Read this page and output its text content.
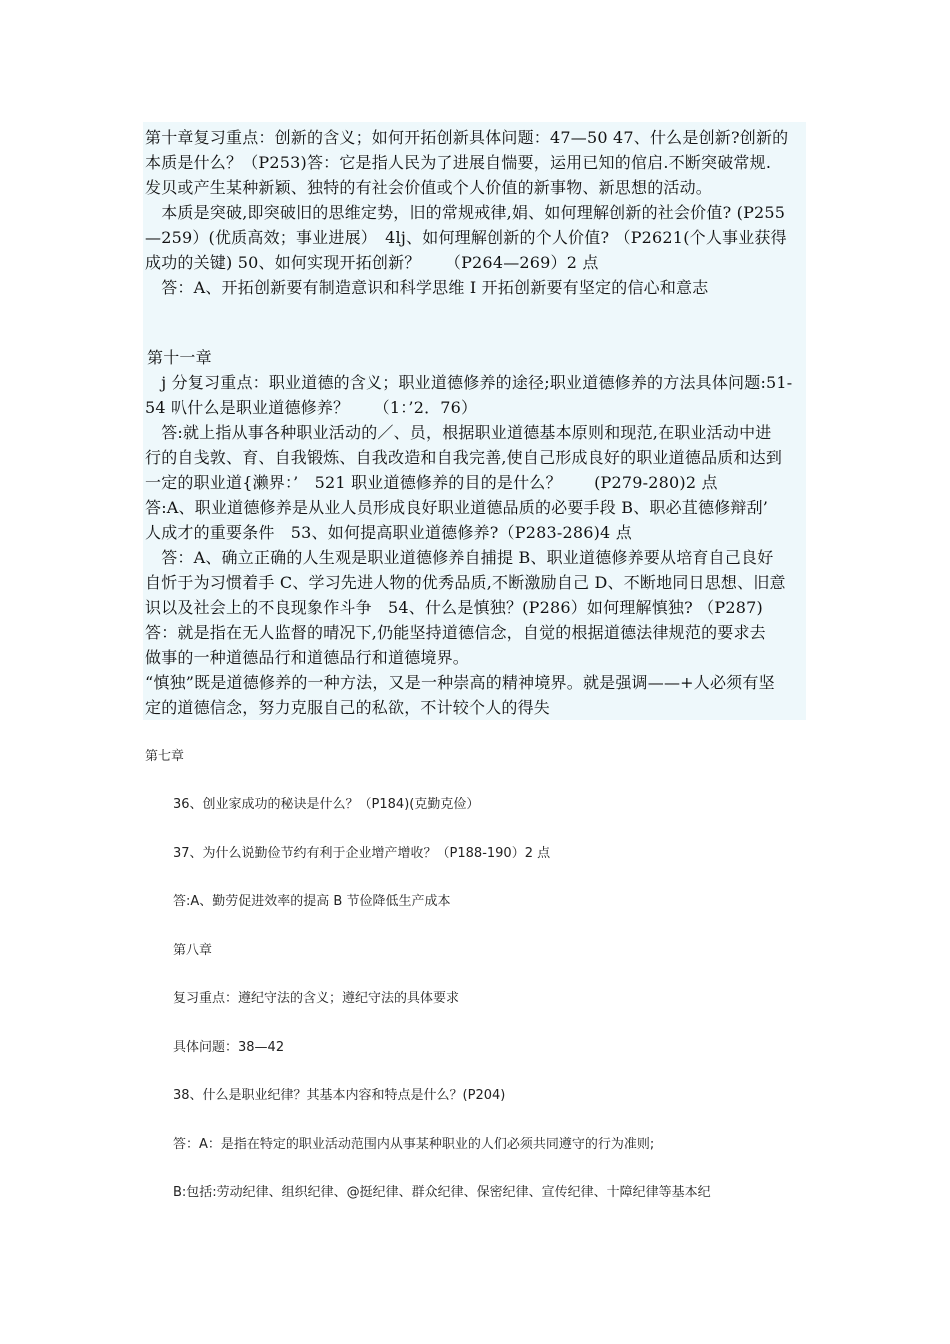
第十章复习重点：创新的含义；如何开拓创新具体问题：47—50 47、什么是创新?创新的
本质是什么？（P253)答：它是指人民为了进展自惴要，运用已知的倌启.不断突破常规.
发贝或产生某种新颖、独特的有社会价值或个人价值的新事物、新思想的活动。
　本质是突破,即突破旧的思维定势，旧的常规戒律,娟、如何理解创新的社会价值? (P255
—259）(优质高效；事业进展）　4lj、如何理解创新的个人价值? （P2621(个人事业获得
成功的关键) 50、如何实现开拓创新？　　（P264—269）2 点
　答：A、开拓创新要有制造意识和科学思维 I 开拓创新要有坚定的信心和意志
第十一章
　j 分复习重点：职业道德的含义；职业道德修养的途径;职业道德修养的方法具体问题:51-
54 叭什么是职业道德修养？　　（1：’2．76）
　答:就上指从事各种职业活动的／、员，根据职业道德基本原则和现范,在职业活动中进
行的自戋敦、育、自我锻炼、自我改造和自我完善,使自己形成良好的职业道德品质和达到
一定的职业道{濑界：’　521 职业道德修养的目的是什么？　　(P279-280)2 点
答:A、职业道德修养是从业人员形成良好职业道德品质的必要手段 B、职必苴德修辩刮’
人成才的重要条件　53、如何提高职业道德修养?（P283-286)4 点
　答：A、确立正确的人生观是职业道德修养自捕提 B、职业道德修养要从培育自己良好
自忻于为习惯着手 C、学习先进人物的优秀品质,不断激励自己 D、不断地同日思想、旧意
识以及社会上的不良现象作斗争　54、什么是慎独？(P286）如何理解慎独? （P287)
答：就是指在无人监督的晴况下,仍能坚持道德信念，自觉的根据道德法律规范的要求去
做事的一种道德品行和道德品行和道德境界。
“慎独”既是道德修养的一种方法，又是一种崇高的精神境界。就是强调——+人必须有坚
定的道德信念，努力克服自己的私欲，不计较个人的得失
第七章
36、创业家成功的秘诀是什么？（P184)(克勤克俭）
37、为什么说勤俭节约有利于企业增产增收？（P188-190）2 点
答:A、勤劳促进效率的提高 B 节俭降低生产成本
第八章
复习重点：遵纪守法的含义；遵纪守法的具体要求
具体问题：38—42
38、什么是职业纪律？其基本内容和特点是什么？(P204)
答：A：是指在特定的职业活动范围内从事某种职业的人们必须共同遵守的行为准则;
B:包括:劳动纪律、组织纪律、@挺纪律、群众纪律、保密纪律、宣传纪律、十障纪律等基本纪
